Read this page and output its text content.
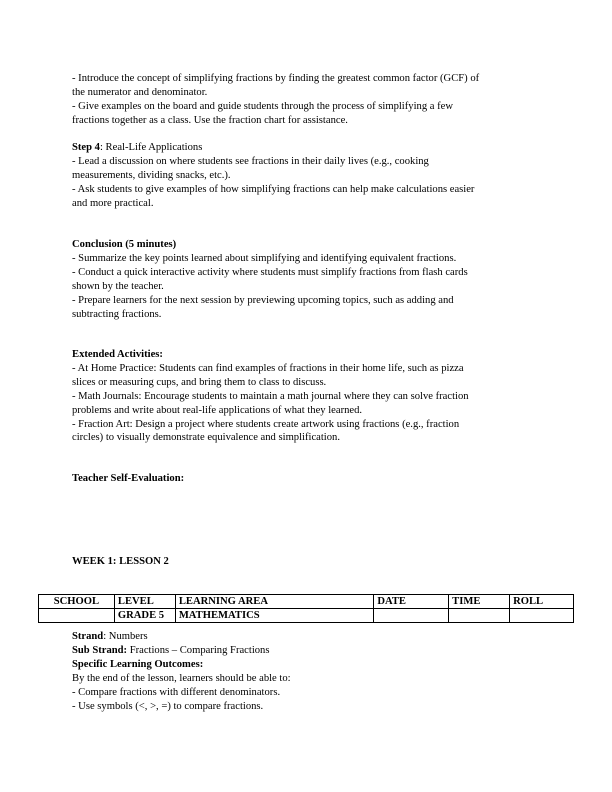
- Introduce the concept of simplifying fractions by finding the greatest common factor (GCF) of

the numerator and denominator.

- Give examples on the board and guide students through the process of simplifying a few

fractions together as a class. Use the fraction chart for assistance.

Step 4: Real-Life Applications

- Lead a discussion on where students see fractions in their daily lives (e.g., cooking

measurements, dividing snacks, etc.).

- Ask students to give examples of how simplifying fractions can help make calculations easier

and more practical.

Conclusion (5 minutes)

- Summarize the key points learned about simplifying and identifying equivalent fractions.

- Conduct a quick interactive activity where students must simplify fractions from flash cards

shown by the teacher.

- Prepare learners for the next session by previewing upcoming topics, such as adding and

subtracting fractions.

Extended Activities:

- At Home Practice: Students can find examples of fractions in their home life, such as pizza

slices or measuring cups, and bring them to class to discuss.

- Math Journals: Encourage students to maintain a math journal where they can solve fraction

problems and write about real-life applications of what they learned.

- Fraction Art: Design a project where students create artwork using fractions (e.g., fraction

circles) to visually demonstrate equivalence and simplification.

Teacher Self-Evaluation:

WEEK 1: LESSON 2

SCHOOL	LEVEL	LEARNING AREA	DATE	TIME	ROLL
	GRADE 5	MATHEMATICS			

Strand: Numbers

Sub Strand: Fractions – Comparing Fractions

Specific Learning Outcomes:

By the end of the lesson, learners should be able to:

- Compare fractions with different denominators.

- Use symbols (<, >, =) to compare fractions.
